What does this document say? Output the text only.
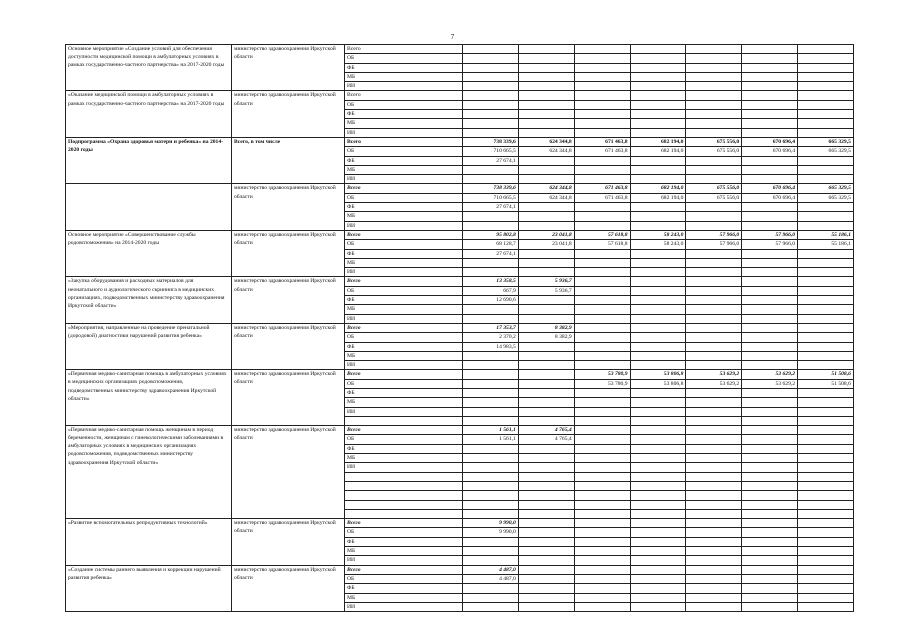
7
Основное мероприятие «Создание условий для обеспечения доступности медицинской помощи в амбулаторных условиях в рамках государственно-частного партнерства» на 2017-2020 годы	министерство здравоохранения Иркутской области	Всего							
		ОБ							
		ФБ							
		МБ							
		ИИ							
«Оказание медицинской помощи в амбулаторных условиях в рамках государственно-частного партнерства» на 2017-2020 годы	министерство здравоохранения Иркутской области	Всего							
		ОБ							
		ФБ							
		МБ							
		ИИ							
Подпрограмма «Охрана здоровья матери и ребенка» на 2014-2020 годы	Всего, в том числе	Всего	738 339,6	624 344,8	671 463,8	682 194,0	675 556,0	670 696,4	665 329,5
		ОБ	710 665,5	624 344,8	671 463,8	682 194,0	675 556,0	670 696,4	665 329,5
		ФБ	27 674,1						
		МБ							
		ИИ							
	министерство здравоохранения Иркутской области	Всего	738 339,6	624 344,8	671 463,8	682 194,0	675 556,0	670 696,4	665 329,5
		ОБ	710 665,5	624 344,8	671 463,8	682 194,0	675 556,0	670 696,4	665 329,5
		ФБ	27 674,1						
		МБ							
		ИИ							
Основное мероприятие «Совершенствование службы родовспоможения» на 2014-2020 годы	министерство здравоохранения Иркутской области	Всего	95 802,8	23 041,8	57 618,8	58 243,0	57 966,0	57 966,0	55 186,1
		ОБ	68 128,7	23 041,8	57 618,8	58 243,0	57 966,0	57 966,0	55 186,1
		ФБ	27 674,1						
		МБ							
		ИИ							
«Закупка оборудования и расходных материалов для неонатального и аудиологического скрининга в медицинских организациях, подведомственных министерству здравоохранения Иркутской области»	министерство здравоохранения Иркутской области	Всего	13 358,5	5 936,7					
		ОБ	667,9	5 936,7					
		ФБ	12 690,6						
		МБ							
		ИИ							
«Мероприятия, направленные на проведение пренатальной (дородовой) диагностики нарушений развития ребенка»	министерство здравоохранения Иркутской области	Всего	17 353,7	8 382,9					
		ОБ	2 370,2	8 382,9					
		ФБ	14 983,5						
		МБ							
		ИИ							
«Первичная медико-санитарная помощь в амбулаторных условиях в медицинских организациях родовспоможения, подведомственных министерству здравоохранения Иркутской области»	министерство здравоохранения Иркутской области	Всего			53 780,9	53 806,8	53 629,2	53 629,2	51 508,6
		ОБ			53 780,9	53 806,8	53 629,2	53 629,2	51 508,6
		ФБ							
		МБ							
		ИИ							

«Первичная медико-санитарная помощь женщинам в период беременности, женщинам с гинекологическими заболеваниями в амбулаторных условиях в медицинских организациях родовспоможения, подведомственных министерству здравоохранения Иркутской области»	министерство здравоохранения Иркутской области	Всего	1 561,1	4 765,4					
		ОБ	1 561,1	4 765,4					
		ФБ							
		МБ							
		ИИ							

«Развитие вспомогательных репродуктивных технологий»	министерство здравоохранения Иркутской области	Всего	9 990,0						
		ОБ	9 990,0						
		ФБ							
		МБ							
		ИИ							
«Создание системы раннего выявления и коррекции нарушений развития ребенка»	министерство здравоохранения Иркутской области	Всего	4 487,0						
		ОБ	4 487,0						
		ФБ							
		МБ							
		ИИ							
